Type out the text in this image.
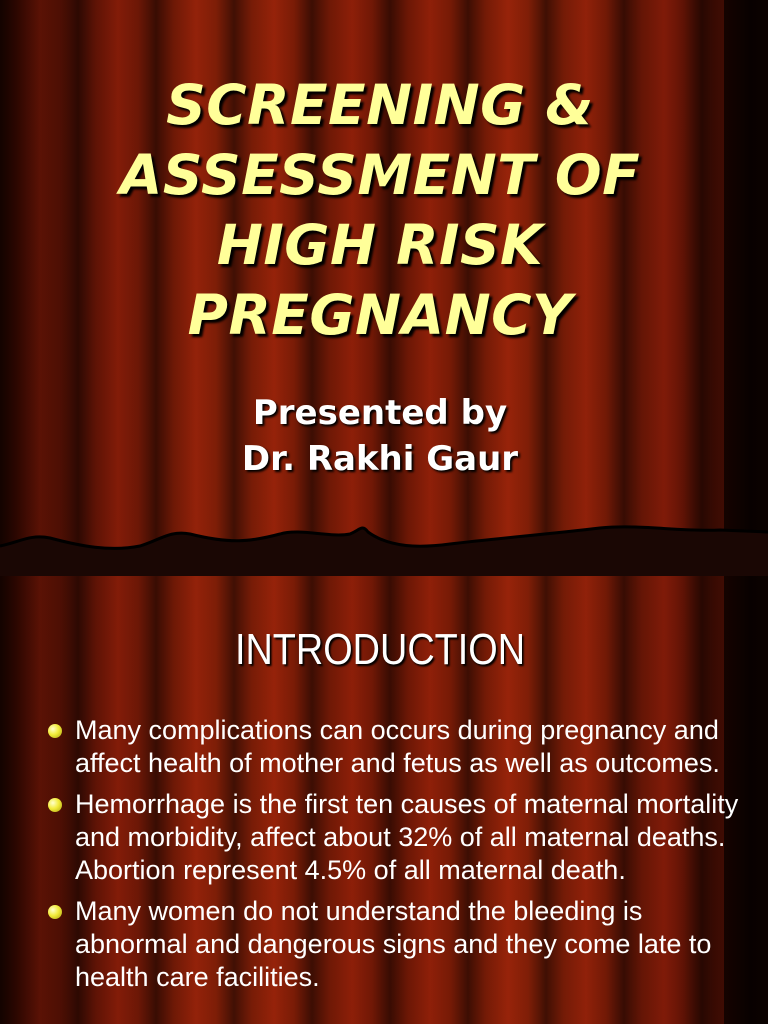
SCREENING &
ASSESSMENT OF
HIGH RISK
PREGNANCY
Presented by
Dr. Rakhi Gaur
INTRODUCTION
Many complications can occurs during pregnancy and affect health of mother and fetus as well as outcomes.
Hemorrhage is the first ten causes of maternal mortality and morbidity, affect about 32% of all maternal deaths. Abortion represent 4.5% of all maternal death.
Many women do not understand the bleeding is abnormal and dangerous signs and they come late to health care facilities.
